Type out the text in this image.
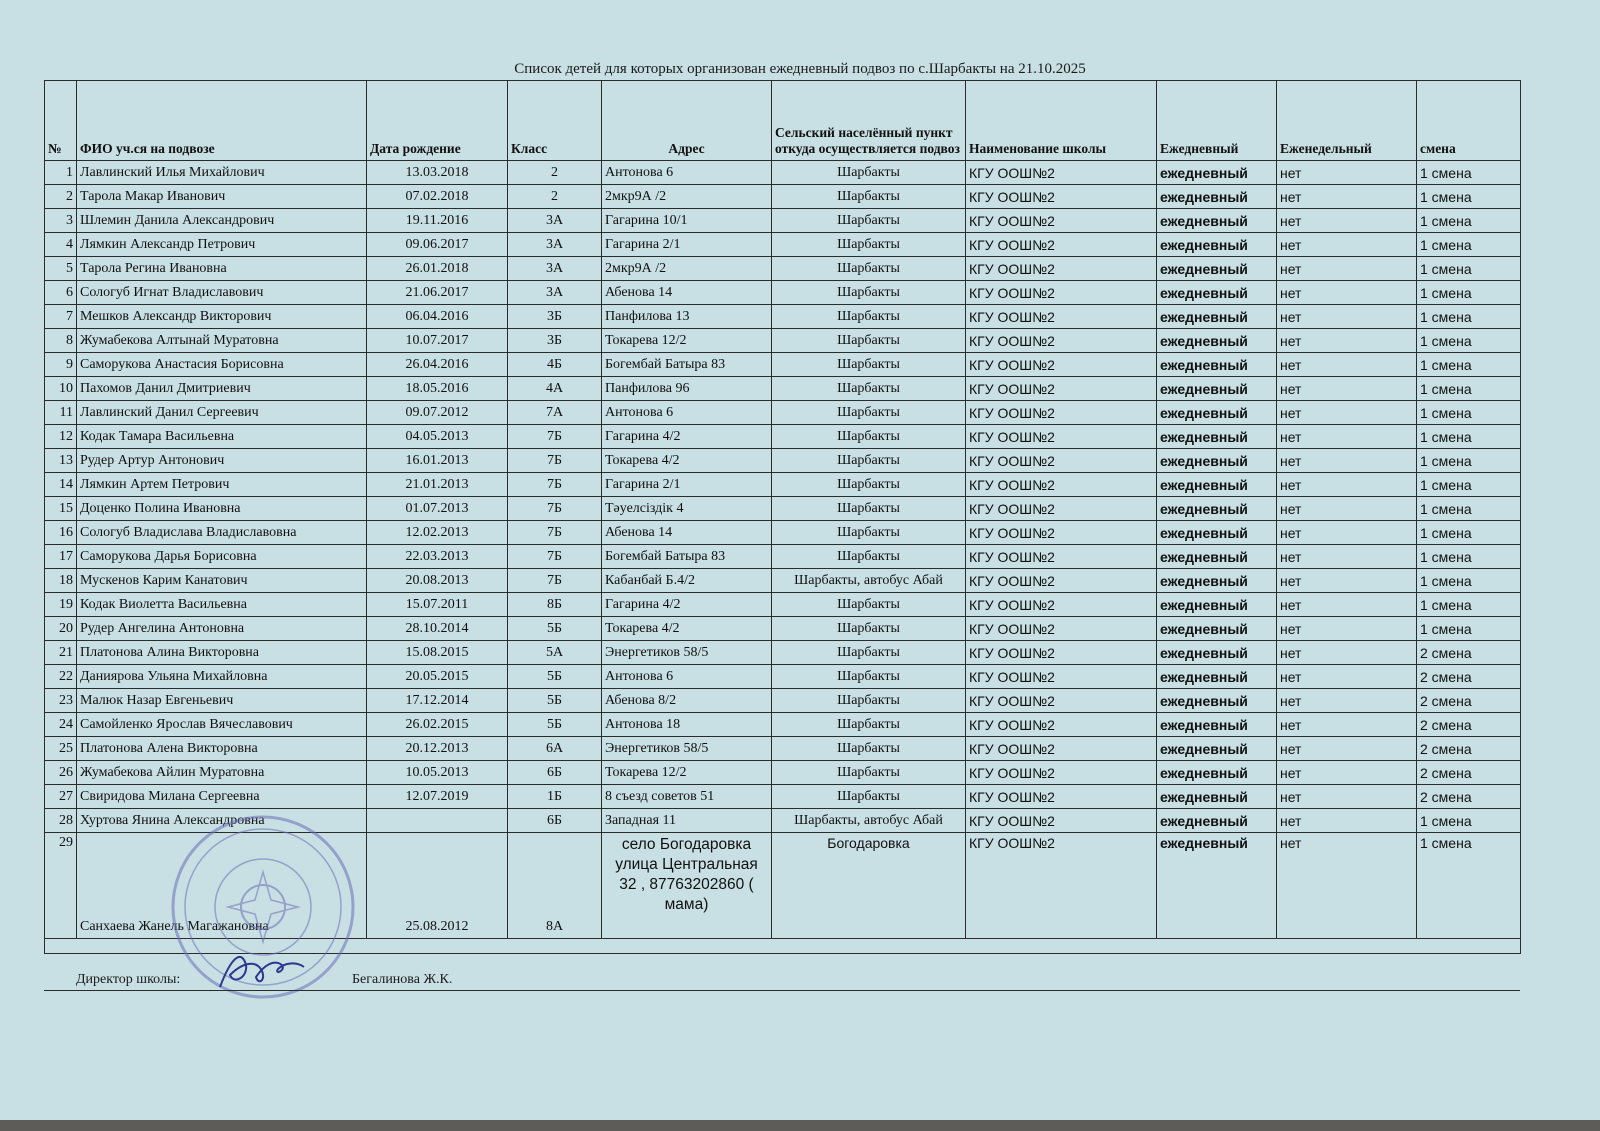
Список детей для которых организован ежедневный подвоз по с.Шарбакты на 21.10.2025
№	ФИО уч.ся на подвозе	Дата рождение	Класс	Адрес	Сельский населённый пункт откуда осуществляется подвоз	Наименование школы	Ежедневный	Еженедельный	смена
1	Лавлинский Илья Михайлович	13.03.2018	2	Антонова 6	Шарбакты	КГУ ООШ№2	ежедневный	нет	1 смена
2	Тарола Макар Иванович	07.02.2018	2	2мкр9А /2	Шарбакты	КГУ ООШ№2	ежедневный	нет	1 смена
3	Шлемин Данила Александрович	19.11.2016	3А	Гагарина 10/1	Шарбакты	КГУ ООШ№2	ежедневный	нет	1 смена
4	Лямкин Александр Петрович	09.06.2017	3А	Гагарина 2/1	Шарбакты	КГУ ООШ№2	ежедневный	нет	1 смена
5	Тарола Регина Ивановна	26.01.2018	3А	2мкр9А /2	Шарбакты	КГУ ООШ№2	ежедневный	нет	1 смена
6	Сологуб Игнат Владиславович	21.06.2017	3А	Абенова 14	Шарбакты	КГУ ООШ№2	ежедневный	нет	1 смена
7	Мешков Александр Викторович	06.04.2016	3Б	Панфилова 13	Шарбакты	КГУ ООШ№2	ежедневный	нет	1 смена
8	Жумабекова Алтынай Муратовна	10.07.2017	3Б	Токарева 12/2	Шарбакты	КГУ ООШ№2	ежедневный	нет	1 смена
9	Саморукова Анастасия Борисовна	26.04.2016	4Б	Богембай Батыра 83	Шарбакты	КГУ ООШ№2	ежедневный	нет	1 смена
10	Пахомов Данил Дмитриевич	18.05.2016	4А	Панфилова 96	Шарбакты	КГУ ООШ№2	ежедневный	нет	1 смена
11	Лавлинский Данил Сергеевич	09.07.2012	7А	Антонова 6	Шарбакты	КГУ ООШ№2	ежедневный	нет	1 смена
12	Кодак Тамара Васильевна	04.05.2013	7Б	Гагарина 4/2	Шарбакты	КГУ ООШ№2	ежедневный	нет	1 смена
13	Рудер Артур Антонович	16.01.2013	7Б	Токарева 4/2	Шарбакты	КГУ ООШ№2	ежедневный	нет	1 смена
14	Лямкин Артем Петрович	21.01.2013	7Б	Гагарина 2/1	Шарбакты	КГУ ООШ№2	ежедневный	нет	1 смена
15	Доценко Полина Ивановна	01.07.2013	7Б	Тәуелсіздік 4	Шарбакты	КГУ ООШ№2	ежедневный	нет	1 смена
16	Сологуб Владислава Владиславовна	12.02.2013	7Б	Абенова 14	Шарбакты	КГУ ООШ№2	ежедневный	нет	1 смена
17	Саморукова Дарья Борисовна	22.03.2013	7Б	Богембай Батыра 83	Шарбакты	КГУ ООШ№2	ежедневный	нет	1 смена
18	Мускенов Карим Канатович	20.08.2013	7Б	Кабанбай Б.4/2	Шарбакты, автобус Абай	КГУ ООШ№2	ежедневный	нет	1 смена
19	Кодак Виолетта Васильевна	15.07.2011	8Б	Гагарина 4/2	Шарбакты	КГУ ООШ№2	ежедневный	нет	1 смена
20	Рудер Ангелина Антоновна	28.10.2014	5Б	Токарева 4/2	Шарбакты	КГУ ООШ№2	ежедневный	нет	1 смена
21	Платонова Алина Викторовна	15.08.2015	5А	Энергетиков 58/5	Шарбакты	КГУ ООШ№2	ежедневный	нет	2 смена
22	Даниярова Ульяна Михайловна	20.05.2015	5Б	Антонова 6	Шарбакты	КГУ ООШ№2	ежедневный	нет	2 смена
23	Малюк Назар Евгеньевич	17.12.2014	5Б	Абенова 8/2	Шарбакты	КГУ ООШ№2	ежедневный	нет	2 смена
24	Самойленко Ярослав Вячеславович	26.02.2015	5Б	Антонова 18	Шарбакты	КГУ ООШ№2	ежедневный	нет	2 смена
25	Платонова Алена Викторовна	20.12.2013	6А	Энергетиков 58/5	Шарбакты	КГУ ООШ№2	ежедневный	нет	2 смена
26	Жумабекова Айлин Муратовна	10.05.2013	6Б	Токарева 12/2	Шарбакты	КГУ ООШ№2	ежедневный	нет	2 смена
27	Свиридова Милана Сергеевна	12.07.2019	1Б	8 съезд советов 51	Шарбакты	КГУ ООШ№2	ежедневный	нет	2 смена
28	Хуртова Янина Александровна		6Б	Западная 11	Шарбакты, автобус Абай	КГУ ООШ№2	ежедневный	нет	1 смена
29	Санхаева Жанель Магажановна	25.08.2012	8А	село Богодаровка улица Центральная 32 , 87763202860 ( мама)	Богодаровка	КГУ ООШ№2	ежедневный	нет	1 смена

Директор школы:	Бегалинова Ж.К.
